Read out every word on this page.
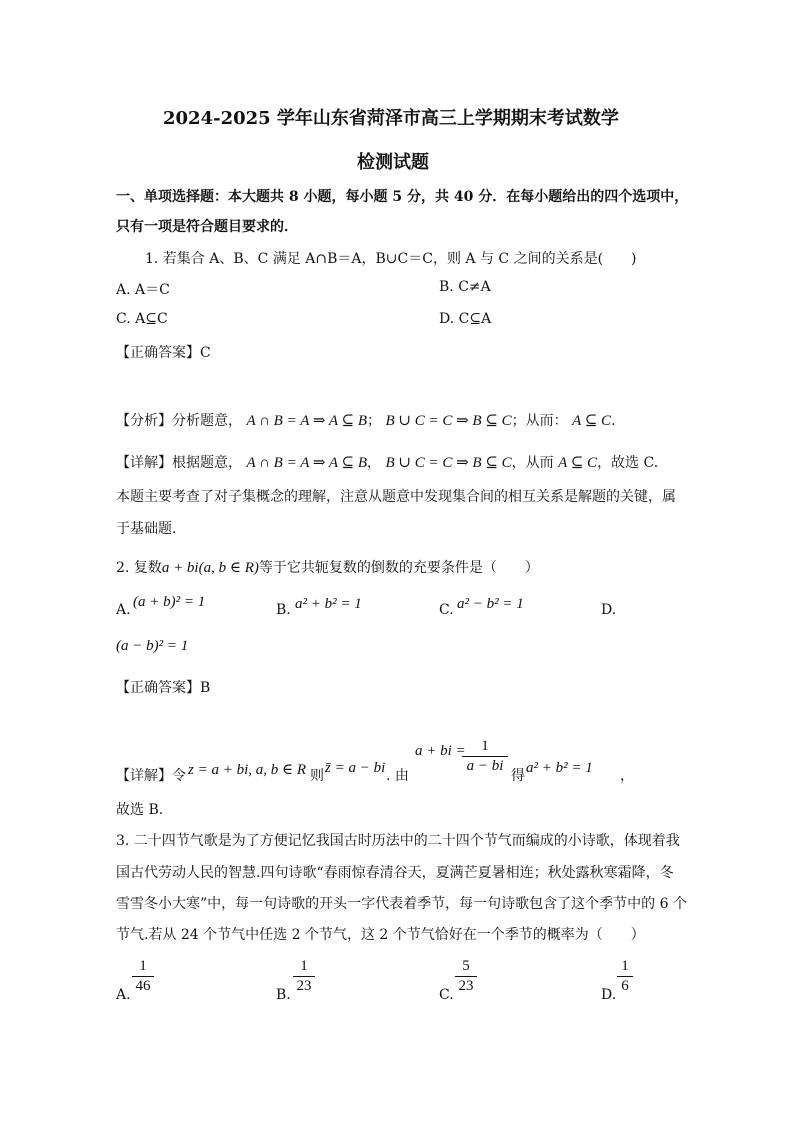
2024-2025 学年山东省菏泽市高三上学期期末考试数学
检测试题
一、单项选择题：本大题共 8 小题，每小题 5 分，共 40 分．在每小题给出的四个选项中，
只有一项是符合题目要求的．
1. 若集合 A、B、C 满足 A∩B＝A，B∪C＝C，则 A 与 C 之间的关系是(　　)
A. A＝C	B. C≠A
C. A⊆C	D. C⊆A
【正确答案】C
【分析】分析题意， A ∩ B = A ⇒ A ⊆ B； B ∪ C = C ⇒ B ⊆ C；从而： A ⊆ C.
【详解】根据题意， A ∩ B = A ⇒ A ⊆ B， B ∪ C = C ⇒ B ⊆ C，从而 A ⊆ C，故选 C.
本题主要考查了对子集概念的理解，注意从题意中发现集合间的相互关系是解题的关键，属
于基础题.
2. 复数a + bi(a, b ∈ R)等于它共轭复数的倒数的充要条件是（　　）
A. (a + b)² = 1	B. a² + b² = 1	C. a² − b² = 1	D.
(a − b)² = 1
【正确答案】B
【详解】 令 z = a + bi, a, b ∈ R 则 z̄ = a − bi . 由
a + bi =	1
a − bi
得 a² + b² = 1 ，
故选 B.
3. 二十四节气歌是为了方便记忆我国古时历法中的二十四个节气而编成的小诗歌，体现着我
国古代劳动人民的智慧.四句诗歌“春雨惊春清谷天，夏满芒夏暑相连；秋处露秋寒霜降，冬
雪雪冬小大寒”中，每一句诗歌的开头一字代表着季节，每一句诗歌包含了这个季节中的 6 个
节气.若从 24 个节气中任选 2 个节气，这 2 个节气恰好在一个季节的概率为（　　）
A.
1
46
B.
1
23
C.
5
23
D.
1
6
